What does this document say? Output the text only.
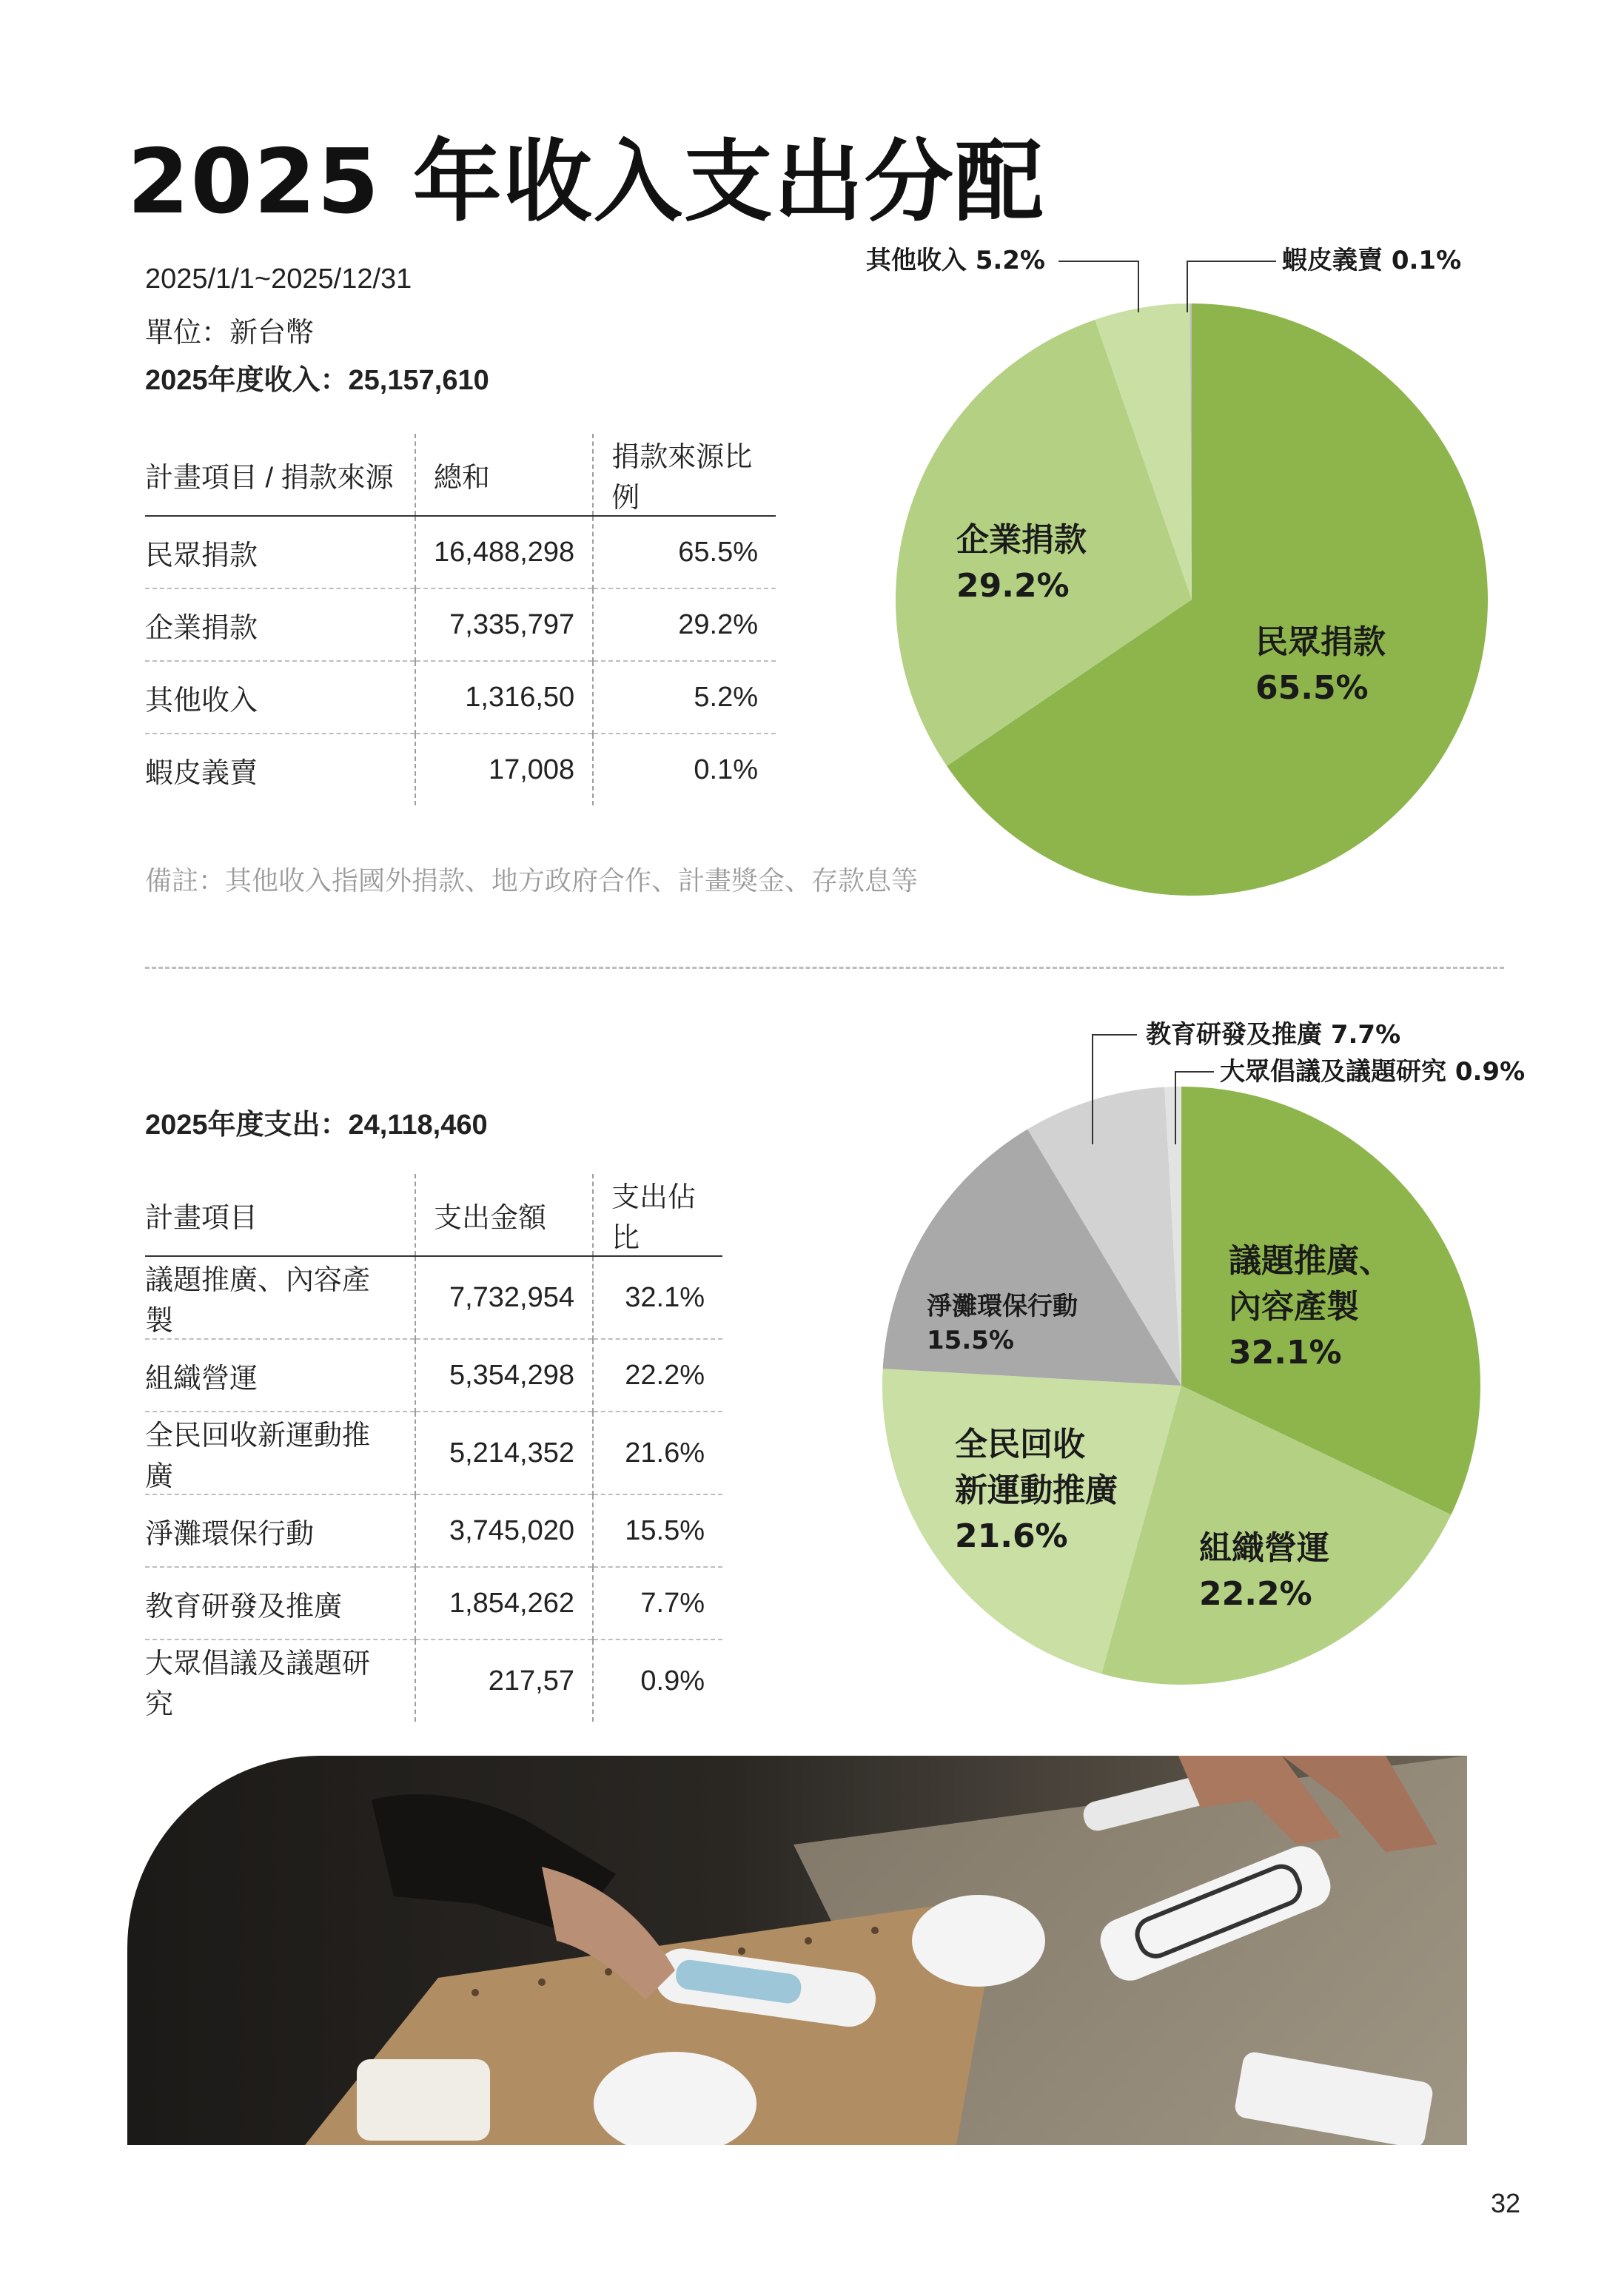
2025 年收入支出分配
2025/1/1~2025/12/31
單位：新台幣
2025年度收入：25,157,610
計畫項目 / 捐款來源	總和	捐款來源比例
民眾捐款	16,488,298	65.5%
企業捐款	7,335,797	29.2%
其他收入	1,316,50	5.2%
蝦皮義賣	17,008	0.1%
備註：其他收入指國外捐款、地方政府合作、計畫獎金、存款息等
民眾捐款
65.5%
企業捐款
29.2%
其他收入 5.2%	蝦皮義賣 0.1%
2025年度支出：24,118,460
計畫項目	支出金額	支出佔比
議題推廣、內容產製	7,732,954	32.1%
組織營運	5,354,298	22.2%
全民回收新運動推廣	5,214,352	21.6%
淨灘環保行動	3,745,020	15.5%
教育研發及推廣	1,854,262	7.7%
大眾倡議及議題研究	217,57	0.9%
議題推廣、
內容產製
32.1%
組織營運
22.2%
全民回收
新運動推廣
21.6%
淨灘環保行動
15.5%
教育研發及推廣 7.7%
大眾倡議及議題研究 0.9%
32
